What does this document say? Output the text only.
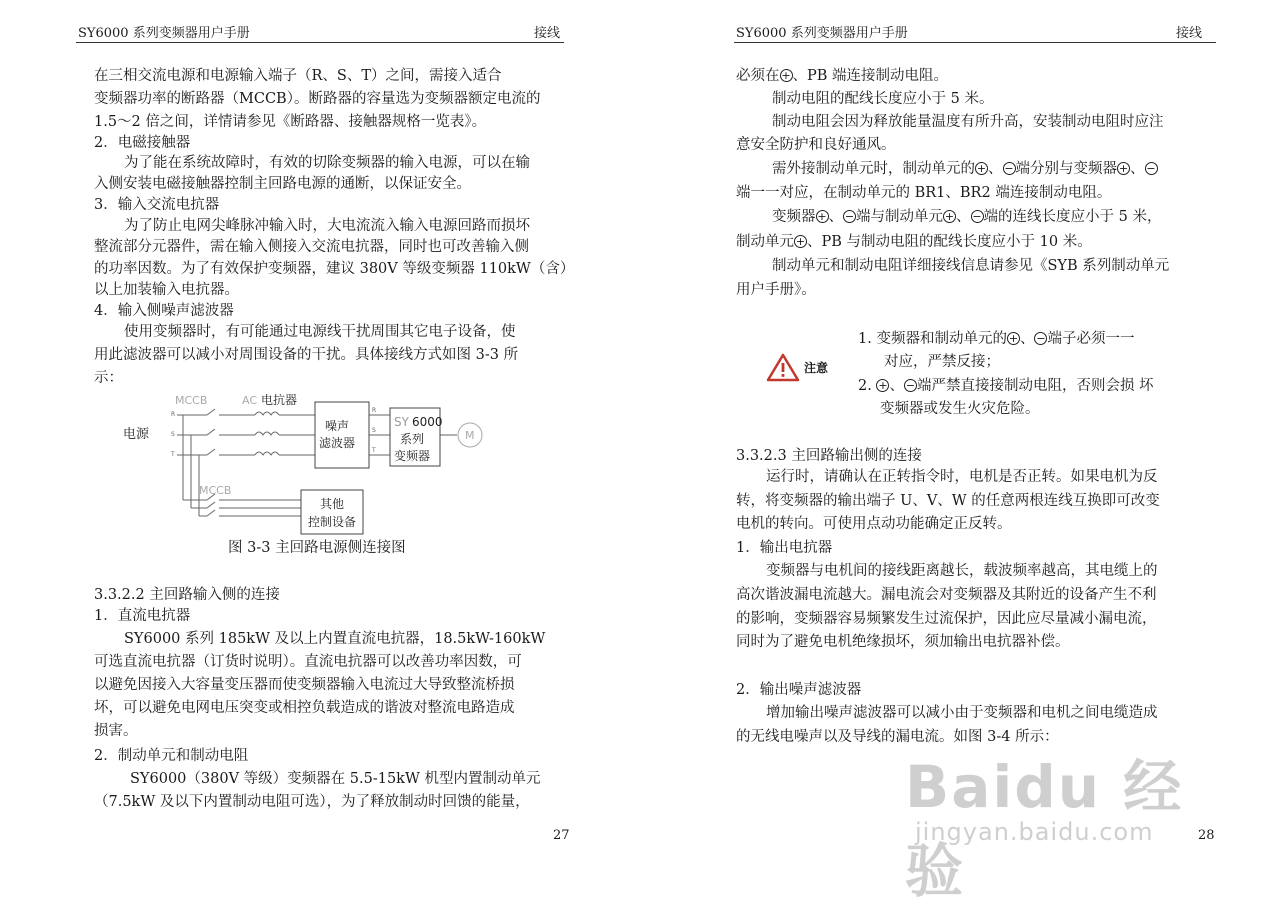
SY6000 系列变频器用户手册	接线
在三相交流电源和电源输入端子（R、S、T）之间，需接入适合
变频器功率的断路器（MCCB）。断路器的容量选为变频器额定电流的
1.5～2 倍之间，详情请参见《断路器、接触器规格一览表》。
2．电磁接触器
为了能在系统故障时，有效的切除变频器的输入电源，可以在输
入侧安装电磁接触器控制主回路电源的通断，以保证安全。
3．输入交流电抗器
为了防止电网尖峰脉冲输入时，大电流流入输入电源回路而损坏
整流部分元器件，需在输入侧接入交流电抗器，同时也可改善输入侧
的功率因数。为了有效保护变频器，建议 380V 等级变频器 110kW（含）
以上加装输入电抗器。
4．输入侧噪声滤波器
使用变频器时，有可能通过电源线干扰周围其它电子设备，使
用此滤波器可以减小对周围设备的干扰。具体接线方式如图 3-3 所
示：
电源
MCCB	AC 电抗器
R
S
T
MCCB
噪声
滤波器
R
S
T
SY 6000
系列
变频器
M
其他
控制设备
图 3-3 主回路电源侧连接图
3.3.2.2 主回路输入侧的连接
1．直流电抗器
SY6000 系列 185kW 及以上内置直流电抗器，18.5kW-160kW
可选直流电抗器（订货时说明）。直流电抗器可以改善功率因数，可
以避免因接入大容量变压器而使变频器输入电流过大导致整流桥损
坏，可以避免电网电压突变或相控负载造成的谐波对整流电路造成
损害。
2．制动单元和制动电阻
SY6000（380V 等级）变频器在 5.5-15kW 机型内置制动单元
（7.5kW 及以下内置制动电阻可选），为了释放制动时回馈的能量，
27
SY6000 系列变频器用户手册	接线
必须在 + 、PB 端连接制动电阻。
制动电阻的配线长度应小于 5 米。
制动电阻会因为释放能量温度有所升高，安装制动电阻时应注
意安全防护和良好通风。
需外接制动单元时，制动单元的 + 、 − 端分别与变频器 + 、 −
端一一对应，在制动单元的 BR1、BR2 端连接制动电阻。
变频器 + 、 − 端与制动单元 + 、 − 端的连线长度应小于 5 米，
制动单元 + 、PB 与制动电阻的配线长度应小于 10 米。
制动单元和制动电阻详细接线信息请参见《SYB 系列制动单元
用户手册》。
注意
1. 变频器和制动单元的 + 、 − 端子必须一一
对应，严禁反接；
2. + 、 − 端严禁直接接制动电阻，否则会损 坏
变频器或发生火灾危险。
3.3.2.3 主回路输出侧的连接
运行时，请确认在正转指令时，电机是否正转。如果电机为反
转，将变频器的输出端子 U、V、W 的任意两根连线互换即可改变
电机的转向。可使用点动功能确定正反转。
1．输出电抗器
变频器与电机间的接线距离越长，载波频率越高，其电缆上的
高次谐波漏电流越大。漏电流会对变频器及其附近的设备产生不利
的影响，变频器容易频繁发生过流保护，因此应尽量减小漏电流，
同时为了避免电机绝缘损坏，须加输出电抗器补偿。
2．输出噪声滤波器
增加输出噪声滤波器可以减小由于变频器和电机之间电缆造成
的无线电噪声以及导线的漏电流。如图 3-4 所示：
28
Baidu 经验
jingyan.baidu.com
